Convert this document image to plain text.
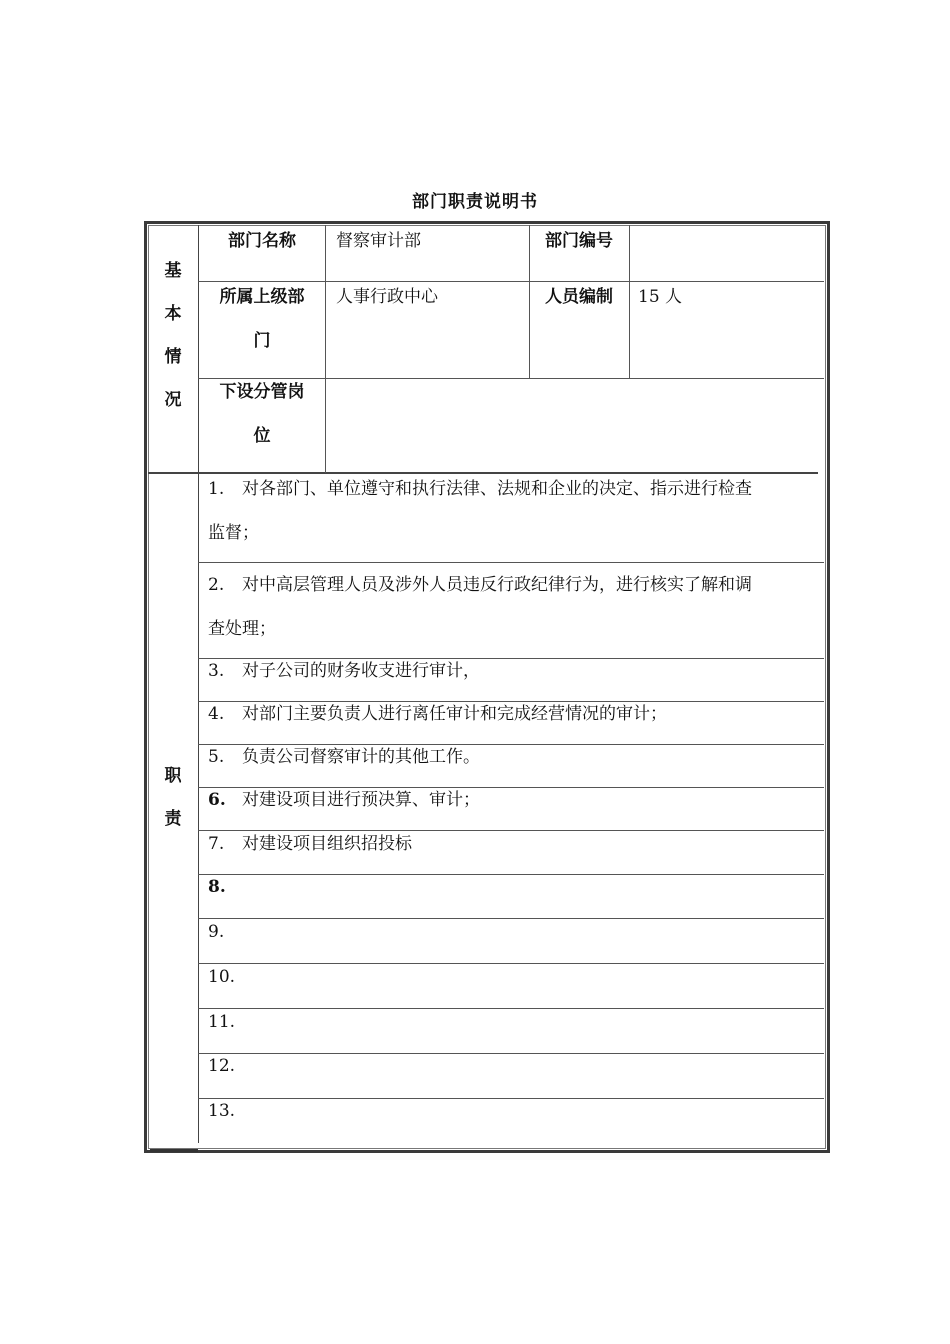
部门职责说明书
基
本
情
况
部门名称	督察审计部	部门编号
所属上级部
门
人事行政中心	人员编制	15 人
下设分管岗
位
职
责
1. 对各部门、单位遵守和执行法律、法规和企业的决定、指示进行检查
监督；
2. 对中高层管理人员及涉外人员违反行政纪律行为，进行核实了解和调
查处理；
3. 对子公司的财务收支进行审计，
4. 对部门主要负责人进行离任审计和完成经营情况的审计；
5. 负责公司督察审计的其他工作。
6. 对建设项目进行预决算、审计；
7. 对建设项目组织招投标
8.
9.
10.
11.
12.
13.
